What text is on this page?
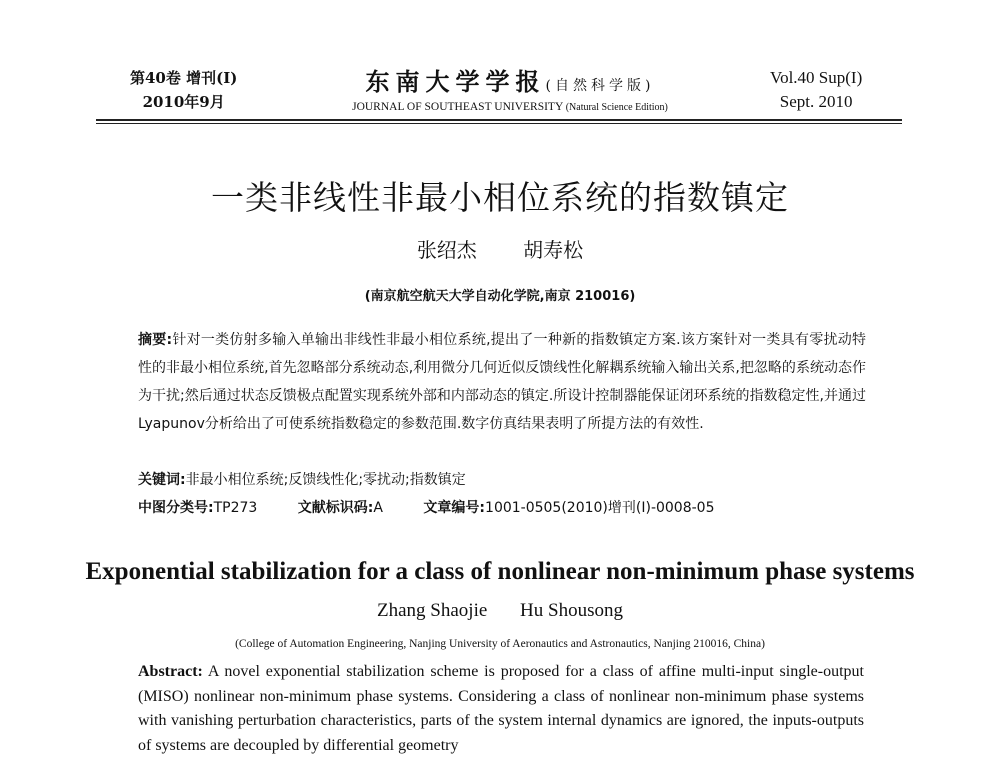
第40卷 增刊(I)
2010年9月
东南大学学报(自然科学版)
JOURNAL OF SOUTHEAST UNIVERSITY (Natural Science Edition)
Vol.40 Sup(I)
Sept. 2010
一类非线性非最小相位系统的指数镇定
张绍杰 胡寿松
(南京航空航天大学自动化学院,南京 210016)
摘要:针对一类仿射多输入单输出非线性非最小相位系统,提出了一种新的指数镇定方案.该方案针对一类具有零扰动特性的非最小相位系统,首先忽略部分系统动态,利用微分几何近似反馈线性化解耦系统输入输出关系,把忽略的系统动态作为干扰;然后通过状态反馈极点配置实现系统外部和内部动态的镇定.所设计控制器能保证闭环系统的指数稳定性,并通过Lyapunov分析给出了可使系统指数稳定的参数范围.数字仿真结果表明了所提方法的有效性.
关键词:非最小相位系统;反馈线性化;零扰动;指数镇定
中图分类号:TP273	文献标识码:A	文章编号:1001-0505(2010)增刊(I)-0008-05
Exponential stabilization for a class of nonlinear non-minimum phase systems
Zhang Shaojie Hu Shousong
(College of Automation Engineering, Nanjing University of Aeronautics and Astronautics, Nanjing 210016, China)
Abstract: A novel exponential stabilization scheme is proposed for a class of affine multi-input single-output (MISO) nonlinear non-minimum phase systems. Considering a class of nonlinear non-minimum phase systems with vanishing perturbation characteristics, parts of the system internal dynamics are ignored, the inputs-outputs of systems are decoupled by differential geometry
